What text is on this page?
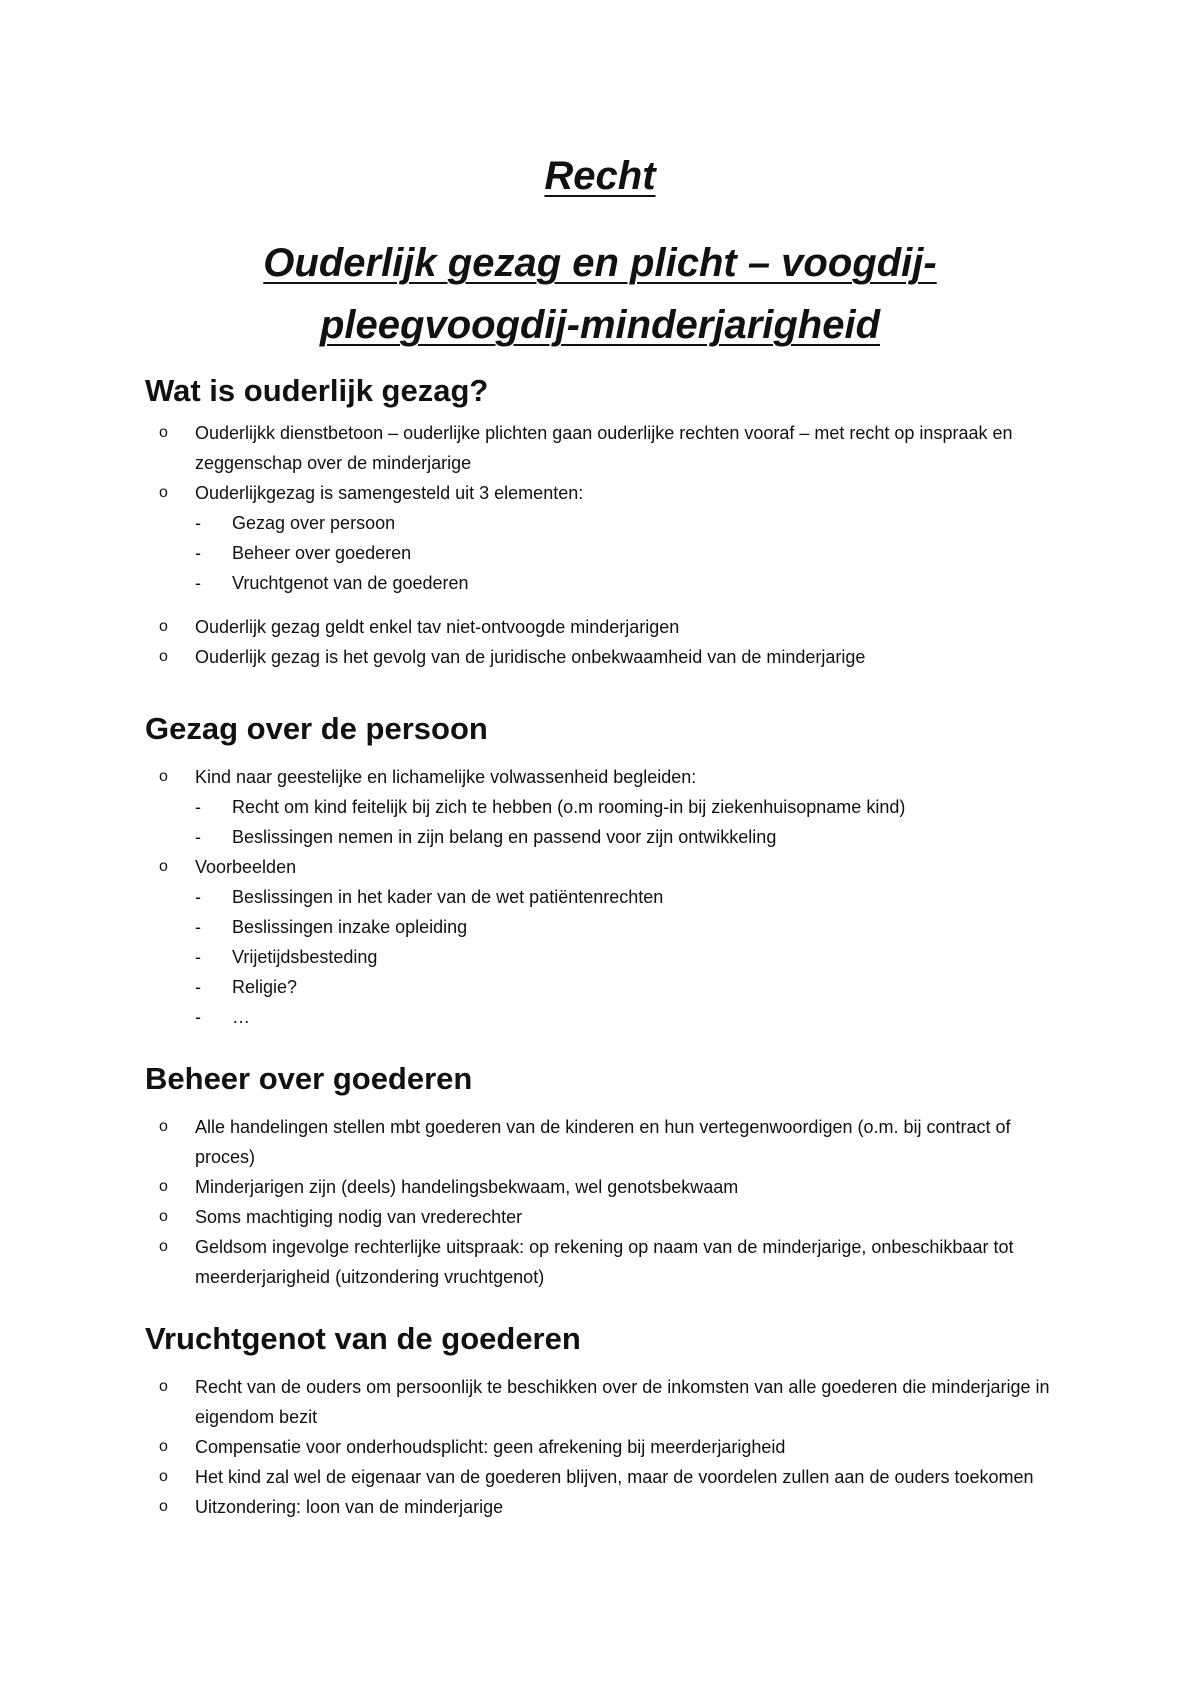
Recht
Ouderlijk gezag en plicht – voogdij-
pleegvoogdij-minderjarigheid
Wat is ouderlijk gezag?
o Ouderlijkk dienstbetoon – ouderlijke plichten gaan ouderlijke rechten vooraf – met recht op inspraak en zeggenschap over de minderjarige
o Ouderlijkgezag is samengesteld uit 3 elementen:
- Gezag over persoon
- Beheer over goederen
- Vruchtgenot van de goederen
o Ouderlijk gezag geldt enkel tav niet-ontvoogde minderjarigen
o Ouderlijk gezag is het gevolg van de juridische onbekwaamheid van de minderjarige
Gezag over de persoon
o Kind naar geestelijke en lichamelijke volwassenheid begleiden:
- Recht om kind feitelijk bij zich te hebben (o.m rooming-in bij ziekenhuisopname kind)
- Beslissingen nemen in zijn belang en passend voor zijn ontwikkeling
o Voorbeelden
- Beslissingen in het kader van de wet patiëntenrechten
- Beslissingen inzake opleiding
- Vrijetijdsbesteding
- Religie?
- …
Beheer over goederen
o Alle handelingen stellen mbt goederen van de kinderen en hun vertegenwoordigen (o.m. bij contract of proces)
o Minderjarigen zijn (deels) handelingsbekwaam, wel genotsbekwaam
o Soms machtiging nodig van vrederechter
o Geldsom ingevolge rechterlijke uitspraak: op rekening op naam van de minderjarige, onbeschikbaar tot meerderjarigheid (uitzondering vruchtgenot)
Vruchtgenot van de goederen
o Recht van de ouders om persoonlijk te beschikken over de inkomsten van alle goederen die minderjarige in eigendom bezit
o Compensatie voor onderhoudsplicht: geen afrekening bij meerderjarigheid
o Het kind zal wel de eigenaar van de goederen blijven, maar de voordelen zullen aan de ouders toekomen
o Uitzondering: loon van de minderjarige
